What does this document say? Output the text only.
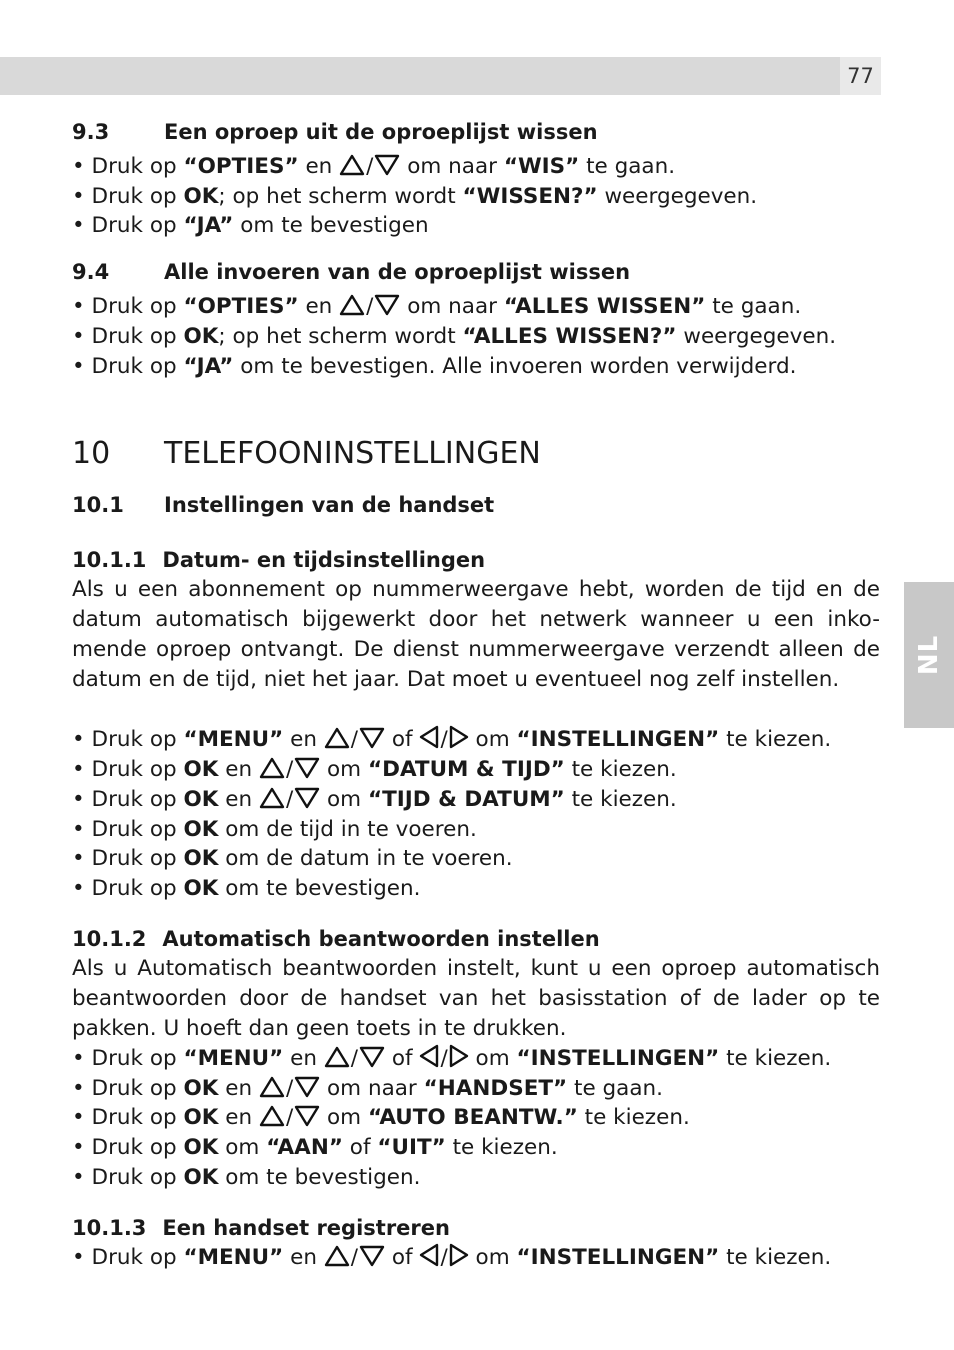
77
NL
9.3	Een oproep uit de oproeplijst wissen
• Druk op “OPTIES” en / om naar “WIS” te gaan.
• Druk op OK; op het scherm wordt “WISSEN?” weergegeven.
• Druk op “JA” om te bevestigen
9.4	Alle invoeren van de oproeplijst wissen
• Druk op “OPTIES” en / om naar “ALLES WISSEN” te gaan.
• Druk op OK; op het scherm wordt “ALLES WISSEN?” weergegeven.
• Druk op “JA” om te bevestigen. Alle invoeren worden verwijderd.
10 TELEFOONINSTELLINGEN
10.1 Instellingen van de handset
10.1.1 Datum- en tijdsinstellingen
Als u een abonnement op nummerweergave hebt, worden de tijd en de datum automatisch bijgewerkt door het netwerk wanneer u een inko-mende oproep ontvangt. De dienst nummerweergave verzendt alleen de datum en de tijd, niet het jaar. Dat moet u eventueel nog zelf instellen.
• Druk op “MENU” en / of / om “INSTELLINGEN” te kiezen.
• Druk op OK en / om “DATUM & TIJD” te kiezen.
• Druk op OK en / om “TIJD & DATUM” te kiezen.
• Druk op OK om de tijd in te voeren.
• Druk op OK om de datum in te voeren.
• Druk op OK om te bevestigen.
10.1.2 Automatisch beantwoorden instellen
Als u Automatisch beantwoorden instelt, kunt u een oproep automatisch beantwoorden door de handset van het basisstation of de lader op te pakken. U hoeft dan geen toets in te drukken.
• Druk op “MENU” en / of / om “INSTELLINGEN” te kiezen.
• Druk op OK en / om naar “HANDSET” te gaan.
• Druk op OK en / om “AUTO BEANTW.” te kiezen.
• Druk op OK om “AAN” of “UIT” te kiezen.
• Druk op OK om te bevestigen.
10.1.3 Een handset registreren
• Druk op “MENU” en / of / om “INSTELLINGEN” te kiezen.
